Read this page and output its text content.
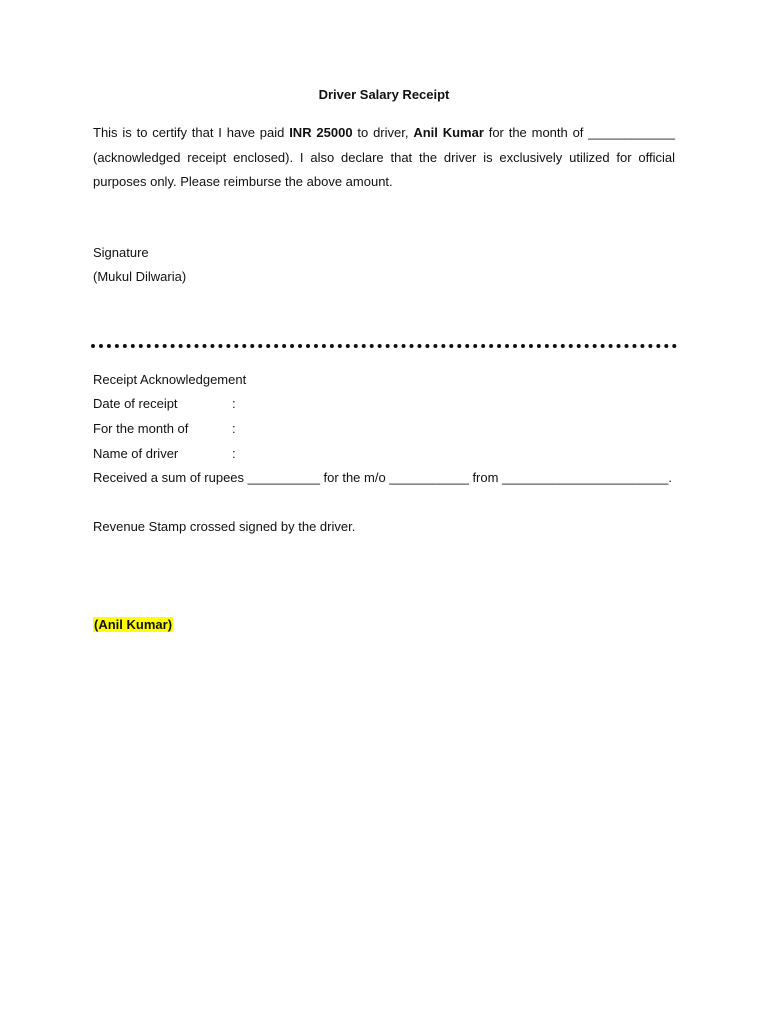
Driver Salary Receipt
This is to certify that I have paid INR 25000 to driver, Anil Kumar for the month of ____________ (acknowledged receipt enclosed). I also declare that the driver is exclusively utilized for official purposes only. Please reimburse the above amount.
Signature
(Mukul Dilwaria)
Receipt Acknowledgement
Date of receipt	:
For the month of	:
Name of driver	:
Received a sum of rupees __________ for the m/o ___________ from _______________________.
Revenue Stamp crossed signed by the driver.
(Anil Kumar)
